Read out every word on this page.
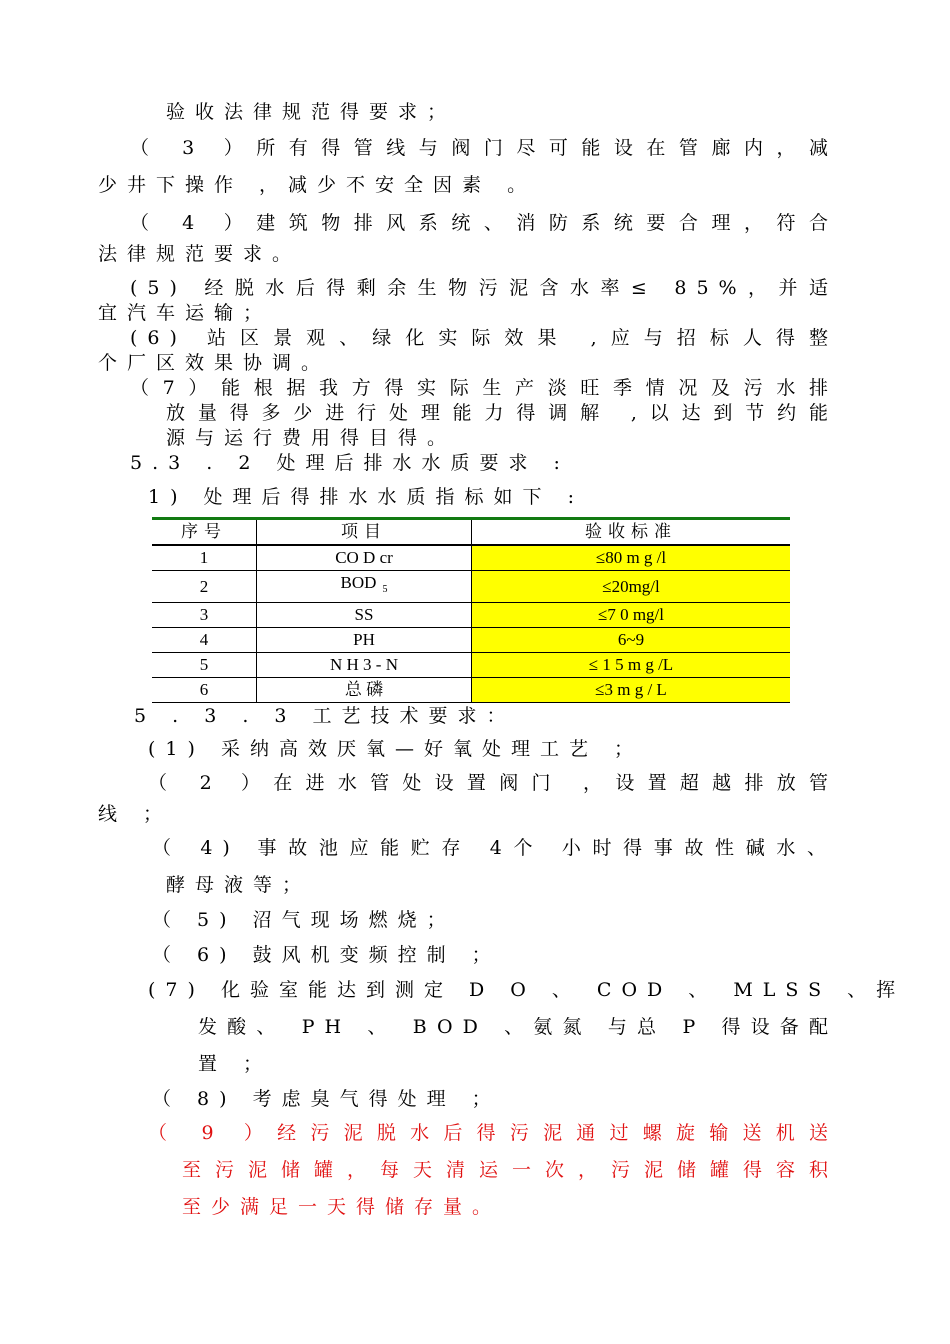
验收法律规范得要求；
（ 3 ）所有得管线与阀门尽可能设在管廊内，减
少井下操作 ，减少不安全因素 。
（ 4 ）建筑物排风系统、消防系统要合理，符合
法律规范要求。
(5) 经脱水后得剩余生物污泥含水率≤ 85%，并适
宜汽车运输；
(6) 站区景观、绿化实际效果 ,应与招标人得整
个厂区效果协调。
（7）能根据我方得实际生产淡旺季情况及污水排
放量得多少进行处理能力得调解 ,以达到节约能
源与运行费用得目得。
5.3 . 2 处理后排水水质要求 :
1) 处理后得排水水质指标如下 :
序号	项目	验收标准
1	CO D cr	≤80 m g /l
2	BOD $_5$	≤20mg/l
3	SS	≤7 0 mg/l
4	PH	6~9
5	N H 3 - N	≤ 1 5 m g /L
6	总 磷	≤3 m g / L
5 . 3 . 3 工艺技术要求：
(1) 采纳高效厌氧—好氧处理工艺 ；
（ 2 ）在进水管处设置阀门 ，设置超越排放管
线 ；
（ 4) 事故池应能贮存 4个 小时得事故性碱水、
酵母液等；
（ 5) 沼气现场燃烧；
（ 6) 鼓风机变频控制 ；
(7) 化验室能达到测定 D O 、 COD 、 MLSS 、挥
发酸、 PH 、 BOD 、氨氮 与总 P 得设备配
置 ；
（ 8) 考虑臭气得处理 ；
（ 9 ）经污泥脱水后得污泥通过螺旋输送机送
至污泥储罐，每天清运一次，污泥储罐得容积
至少满足一天得储存量。
